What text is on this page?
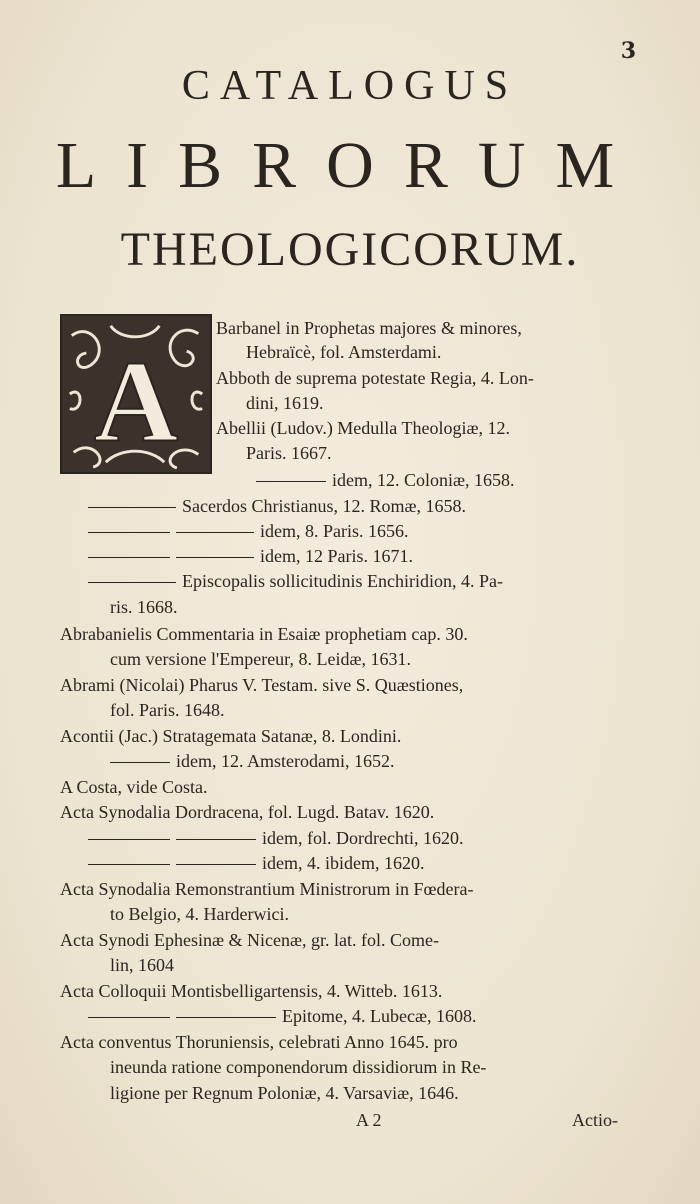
3
CATALOGUS
LIBRORUM
THEOLOGICORUM.
A
Barbanel in Prophetas majores & minores,
Hebraïcè, fol. Amsterdami.
Abboth de suprema potestate Regia, 4. Lon-
dini, 1619.
Abellii (Ludov.) Medulla Theologiæ, 12.
Paris. 1667.
idem, 12. Coloniæ, 1658.
Sacerdos Christianus, 12. Romæ, 1658.
idem, 8. Paris. 1656.
idem, 12 Paris. 1671.
Episcopalis sollicitudinis Enchiridion, 4. Pa-
ris. 1668.
Abrabanielis Commentaria in Esaiæ prophetiam cap. 30.
cum versione l'Empereur, 8. Leidæ, 1631.
Abrami (Nicolai) Pharus V. Testam. sive S. Quæstiones,
fol. Paris. 1648.
Acontii (Jac.) Stratagemata Satanæ, 8. Londini.
idem, 12. Amsterodami, 1652.
A Costa, vide Costa.
Acta Synodalia Dordracena, fol. Lugd. Batav. 1620.
idem, fol. Dordrechti, 1620.
idem, 4. ibidem, 1620.
Acta Synodalia Remonstrantium Ministrorum in Fœdera-
to Belgio, 4. Harderwici.
Acta Synodi Ephesinæ & Nicenæ, gr. lat. fol. Come-
lin, 1604
Acta Colloquii Montisbelligartensis, 4. Witteb. 1613.
Epitome, 4. Lubecæ, 1608.
Acta conventus Thoruniensis, celebrati Anno 1645. pro
ineunda ratione componendorum dissidiorum in Re-
ligione per Regnum Poloniæ, 4. Varsaviæ, 1646.
A 2	Actio-
